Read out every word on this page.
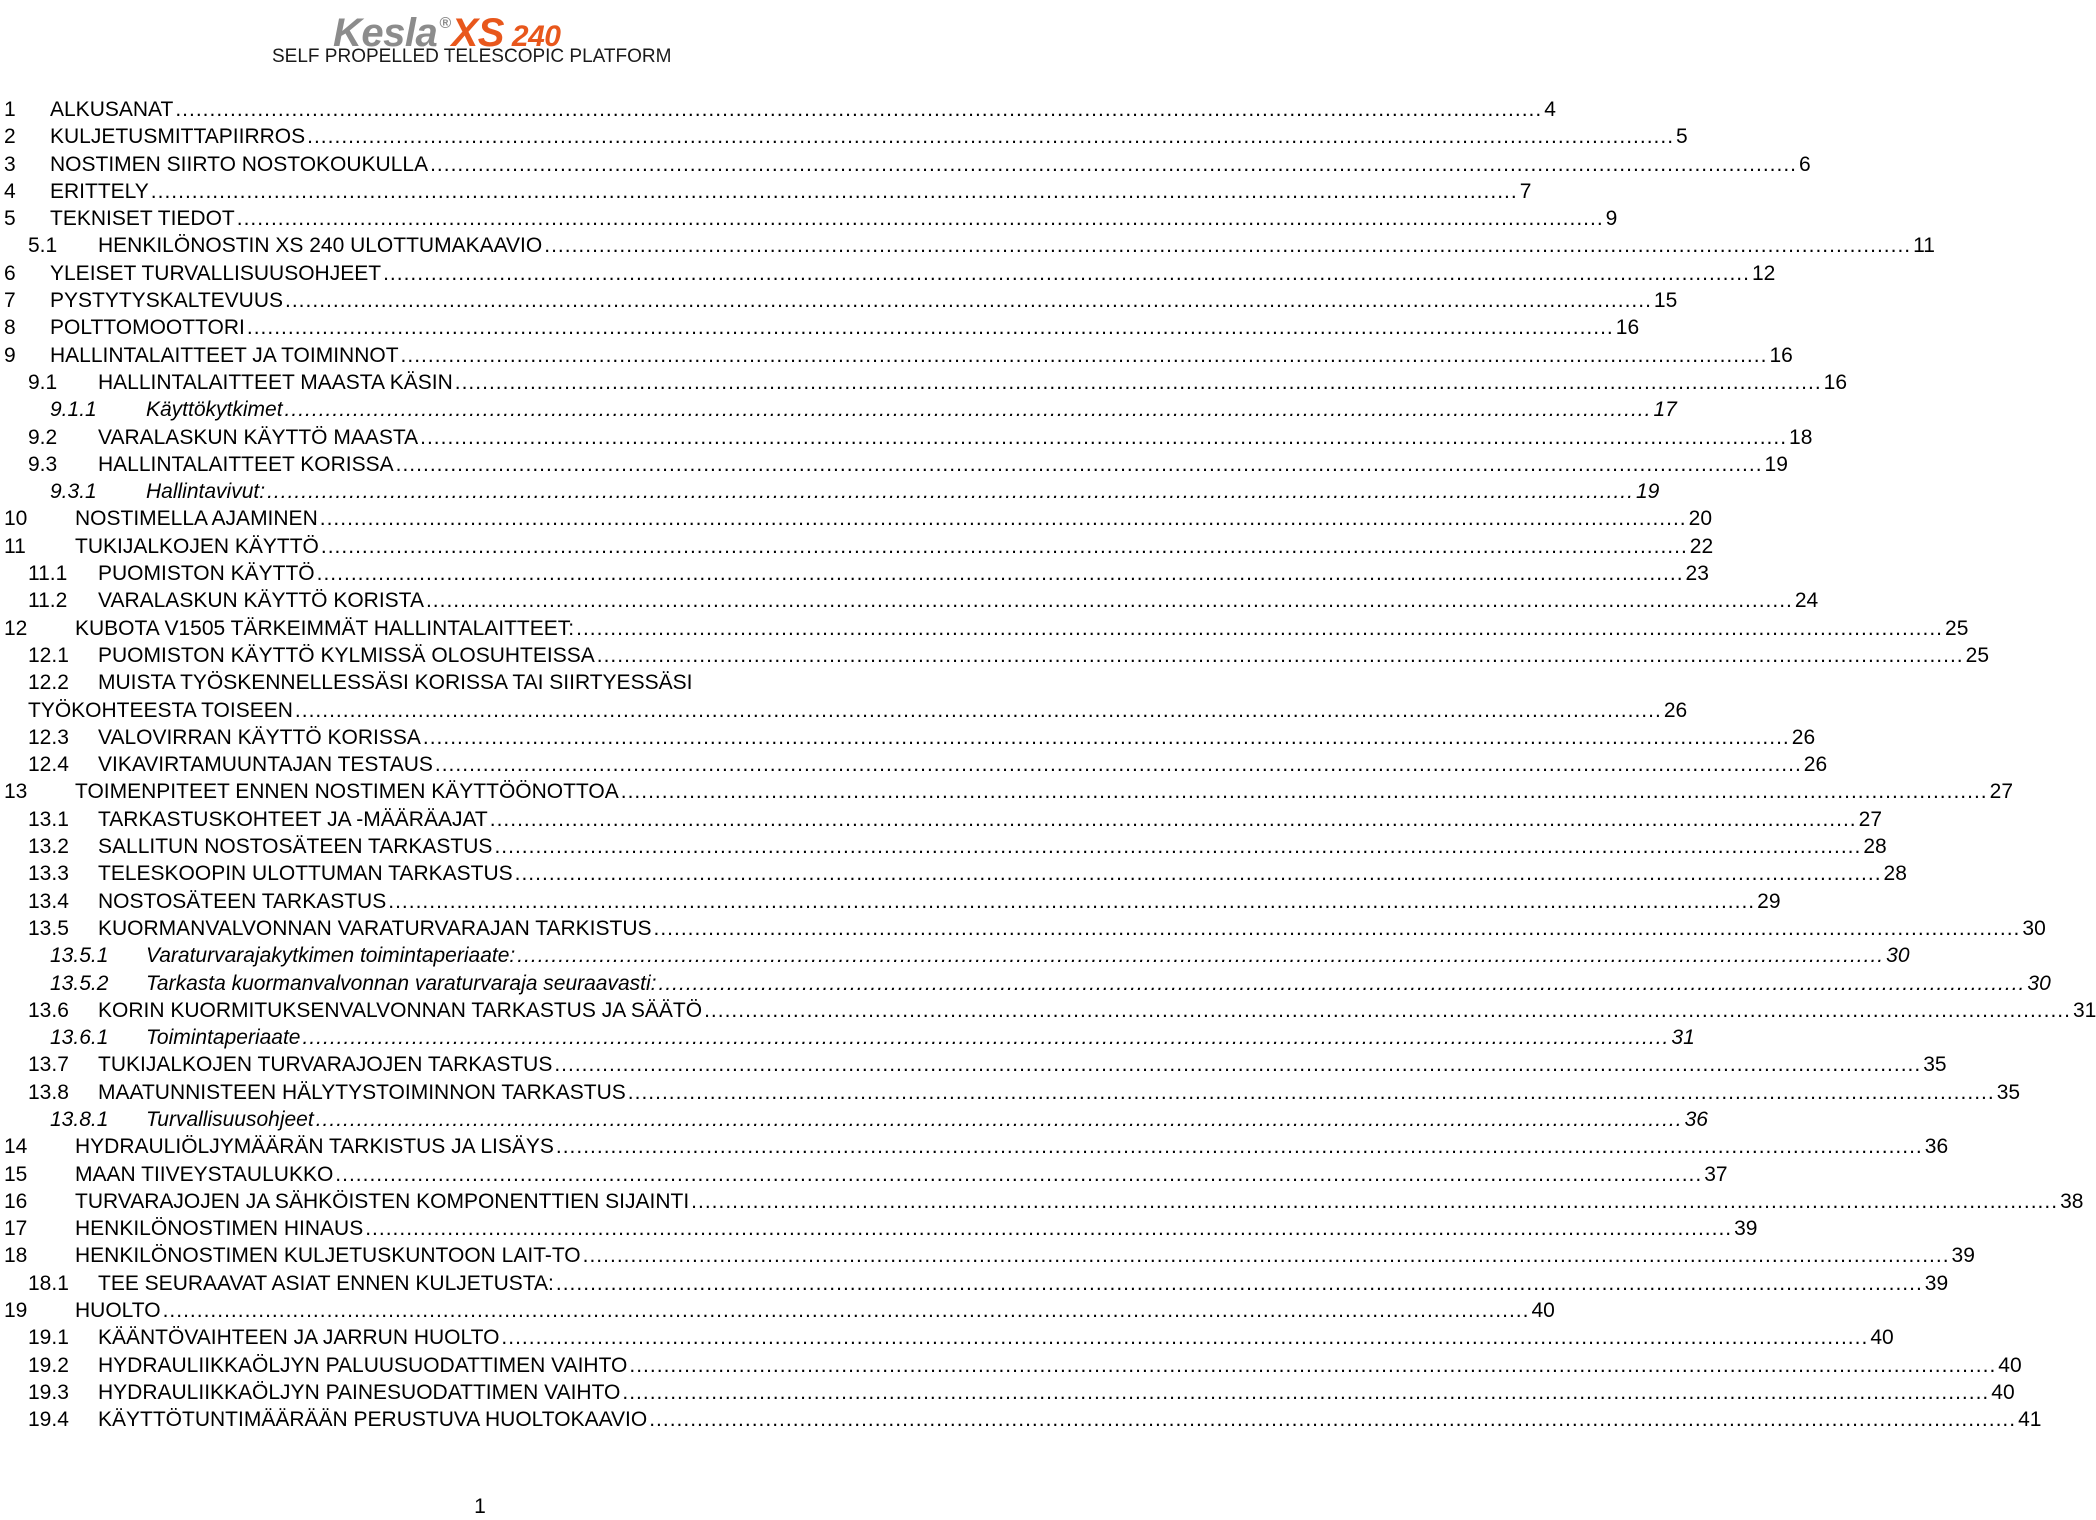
Kesla ®XS 240
SELF PROPELLED TELESCOPIC PLATFORM
1 ALKUSANAT ........................................................................................................................................................................................................ 4
2 KULJETUSMITTAPIIRROS ........................................................................................................................................................................................................ 5
3 NOSTIMEN SIIRTO NOSTOKOUKULLA ........................................................................................................................................................................................................ 6
4 ERITTELY ........................................................................................................................................................................................................ 7
5 TEKNISET TIEDOT ........................................................................................................................................................................................................ 9
5.1 HENKILÖNOSTIN XS 240 ULOTTUMAKAAVIO ........................................................................................................................................................................................................ 11
6 YLEISET TURVALLISUUSOHJEET ........................................................................................................................................................................................................ 12
7 PYSTYTYSKALTEVUUS ........................................................................................................................................................................................................ 15
8 POLTTOMOOTTORI ........................................................................................................................................................................................................ 16
9 HALLINTALAITTEET JA TOIMINNOT ........................................................................................................................................................................................................ 16
9.1 HALLINTALAITTEET MAASTA KÄSIN ........................................................................................................................................................................................................ 16
9.1.1 Käyttökytkimet ........................................................................................................................................................................................................ 17
9.2 VARALASKUN KÄYTTÖ MAASTA ........................................................................................................................................................................................................ 18
9.3 HALLINTALAITTEET KORISSA ........................................................................................................................................................................................................ 19
9.3.1 Hallintavivut: ........................................................................................................................................................................................................ 19
10 NOSTIMELLA AJAMINEN ........................................................................................................................................................................................................ 20
11 TUKIJALKOJEN KÄYTTÖ ........................................................................................................................................................................................................ 22
11.1 PUOMISTON KÄYTTÖ ........................................................................................................................................................................................................ 23
11.2 VARALASKUN KÄYTTÖ KORISTA ........................................................................................................................................................................................................ 24
12 KUBOTA V1505 TÄRKEIMMÄT HALLINTALAITTEET: ........................................................................................................................................................................................................ 25
12.1 PUOMISTON KÄYTTÖ KYLMISSÄ OLOSUHTEISSA ........................................................................................................................................................................................................ 25
12.2 MUISTA TYÖSKENNELLESSÄSI KORISSA TAI SIIRTYESSÄSI
TYÖKOHTEESTA TOISEEN ........................................................................................................................................................................................................ 26
12.3 VALOVIRRAN KÄYTTÖ KORISSA ........................................................................................................................................................................................................ 26
12.4 VIKAVIRTAMUUNTAJAN TESTAUS ........................................................................................................................................................................................................ 26
13 TOIMENPITEET ENNEN NOSTIMEN KÄYTTÖÖNOTTOA ........................................................................................................................................................................................................ 27
13.1 TARKASTUSKOHTEET JA -MÄÄRÄAJAT ........................................................................................................................................................................................................ 27
13.2 SALLITUN NOSTOSÄTEEN TARKASTUS ........................................................................................................................................................................................................ 28
13.3 TELESKOOPIN ULOTTUMAN TARKASTUS ........................................................................................................................................................................................................ 28
13.4 NOSTOSÄTEEN TARKASTUS ........................................................................................................................................................................................................ 29
13.5 KUORMANVALVONNAN VARATURVARAJAN TARKISTUS ........................................................................................................................................................................................................ 30
13.5.1 Varaturvarajakytkimen toimintaperiaate: ........................................................................................................................................................................................................ 30
13.5.2 Tarkasta kuormanvalvonnan varaturvaraja seuraavasti: ........................................................................................................................................................................................................ 30
13.6 KORIN KUORMITUKSENVALVONNAN TARKASTUS JA SÄÄTÖ ........................................................................................................................................................................................................ 31
13.6.1 Toimintaperiaate ........................................................................................................................................................................................................ 31
13.7 TUKIJALKOJEN TURVARAJOJEN TARKASTUS ........................................................................................................................................................................................................ 35
13.8 MAATUNNISTEEN HÄLYTYSTOIMINNON TARKASTUS ........................................................................................................................................................................................................ 35
13.8.1 Turvallisuusohjeet ........................................................................................................................................................................................................ 36
14 HYDRAULIÖLJYMÄÄRÄN TARKISTUS JA LISÄYS ........................................................................................................................................................................................................ 36
15 MAAN TIIVEYSTAULUKKO ........................................................................................................................................................................................................ 37
16 TURVARAJOJEN JA SÄHKÖISTEN KOMPONENTTIEN SIJAINTI ........................................................................................................................................................................................................ 38
17 HENKILÖNOSTIMEN HINAUS ........................................................................................................................................................................................................ 39
18 HENKILÖNOSTIMEN KULJETUSKUNTOON LAIT-TO ........................................................................................................................................................................................................ 39
18.1 TEE SEURAAVAT ASIAT ENNEN KULJETUSTA: ........................................................................................................................................................................................................ 39
19 HUOLTO ........................................................................................................................................................................................................ 40
19.1 KÄÄNTÖVAIHTEEN JA JARRUN HUOLTO ........................................................................................................................................................................................................ 40
19.2 HYDRAULIIKKAÖLJYN PALUUSUODATTIMEN VAIHTO ........................................................................................................................................................................................................ 40
19.3 HYDRAULIIKKAÖLJYN PAINESUODATTIMEN VAIHTO ........................................................................................................................................................................................................ 40
19.4 KÄYTTÖTUNTIMÄÄRÄÄN PERUSTUVA HUOLTOKAAVIO ........................................................................................................................................................................................................ 41
1
